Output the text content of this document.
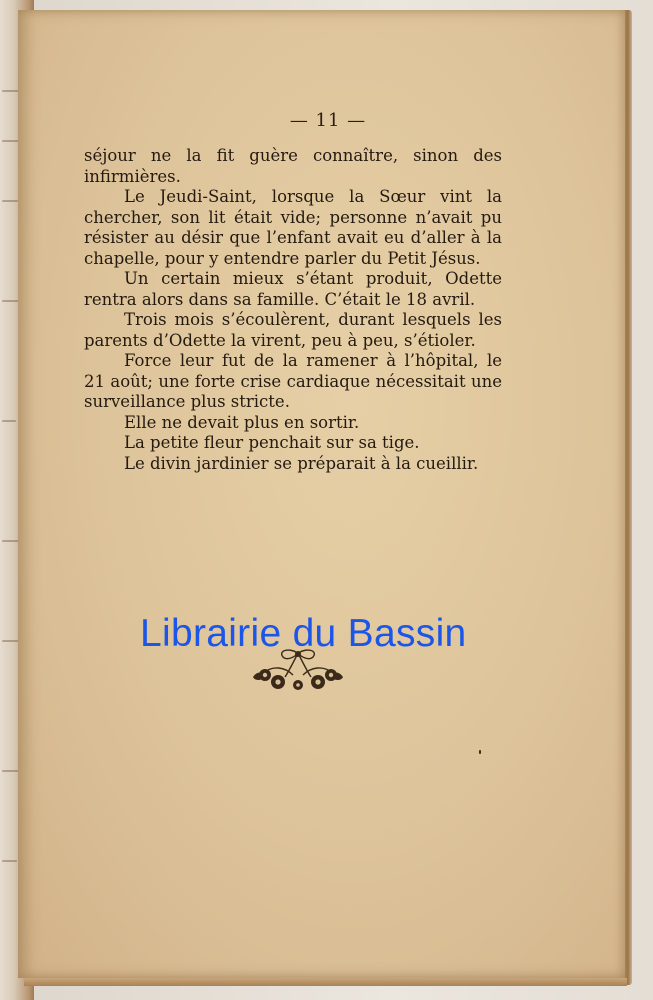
— 11 —

séjour ne la fit guère connaître, sinon des infirmières.

Le Jeudi-Saint, lorsque la Sœur vint la chercher, son lit était vide; personne n’avait pu résister au désir que l’enfant avait eu d’aller à la chapelle, pour y entendre parler du Petit Jésus.

Un certain mieux s’étant produit, Odette rentra alors dans sa famille. C’était le 18 avril.

Trois mois s’écoulèrent, durant lesquels les parents d’Odette la virent, peu à peu, s’étioler.

Force leur fut de la ramener à l’hôpital, le 21 août; une forte crise cardiaque nécessitait une surveillance plus stricte.

Elle ne devait plus en sortir.

La petite fleur penchait sur sa tige.

Le divin jardinier se préparait à la cueillir.

Librairie du Bassin
